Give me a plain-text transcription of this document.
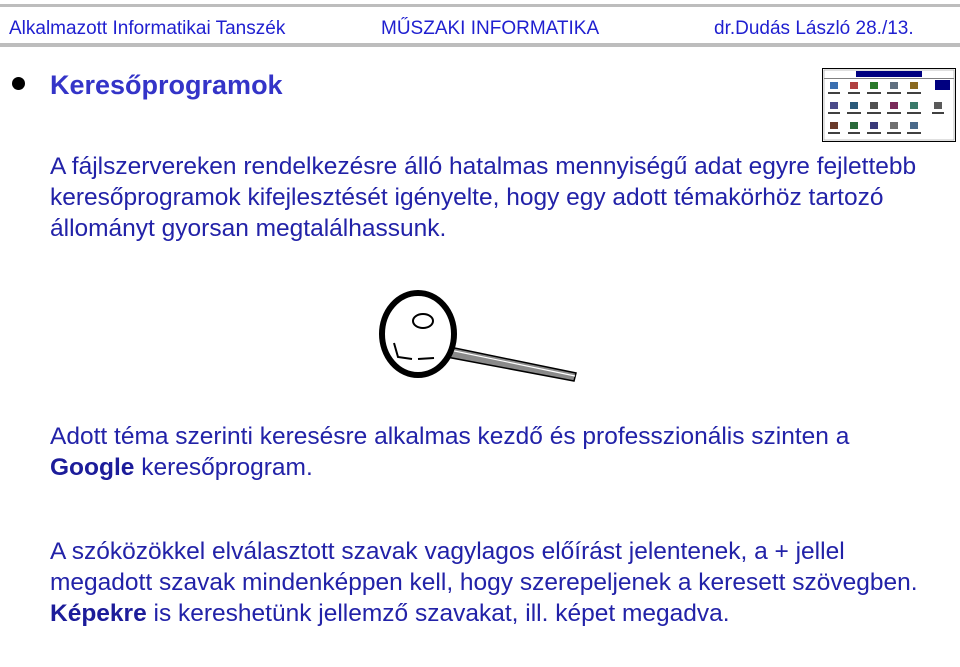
Alkalmazott Informatikai Tanszék	MŰSZAKI INFORMATIKA	dr.Dudás László 28./13.
Keresőprogramok

A fájlszervereken rendelkezésre álló hatalmas mennyiségű adat egyre fejlettebb keresőprogramok kifejlesztését igényelte, hogy egy adott témakörhöz tartozó állományt gyorsan megtalálhassunk.

Adott téma szerinti keresésre alkalmas kezdő és professzionális szinten a Google keresőprogram.

A szóközökkel elválasztott szavak vagylagos előírást jelentenek, a + jellel megadott szavak mindenképpen kell, hogy szerepeljenek a keresett szövegben. Képekre is kereshetünk jellemző szavakat, ill. képet megadva.
